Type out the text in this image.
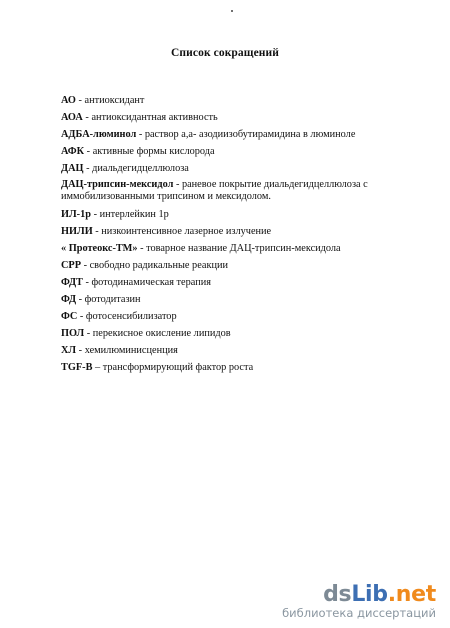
Список сокращений
АО - антиоксидант
АОА - антиоксидантная активность
АДБА-люминол - раствор а,а- азодиизобутирамидина в люминоле
АФК - активные формы кислорода
ДАЦ - диальдегидцеллюлоза
ДАЦ-трипсин-мексидол - раневое покрытие диальдегидцеллюлоза с иммобилизованными трипсином и мексидолом.
ИЛ-1р - интерлейкин 1р
НИЛИ - низкоинтенсивное лазерное излучение
« Протеокс-ТМ» - товарное название ДАЦ-трипсин-мексидола
СРР - свободно радикальные реакции
ФДТ - фотодинамическая терапия
ФД - фотодитазин
ФС - фотосенсибилизатор
ПОЛ - перекисное окисление липидов
ХЛ - хемилюминисценция
TGF-B – трансформирующий фактор роста
dsLib.net
библиотека диссертаций
